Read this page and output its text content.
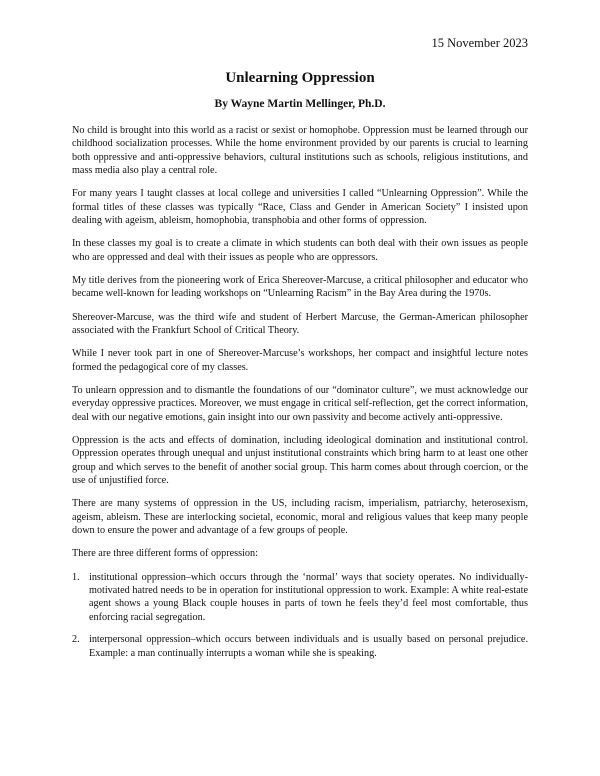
15 November 2023
Unlearning Oppression
By Wayne Martin Mellinger, Ph.D.

No child is brought into this world as a racist or sexist or homophobe. Oppression must be learned through our childhood socialization processes. While the home environment provided by our parents is crucial to learning both oppressive and anti-oppressive behaviors, cultural institutions such as schools, religious institutions, and mass media also play a central role.

For many years I taught classes at local college and universities I called “Unlearning Oppression”. While the formal titles of these classes was typically “Race, Class and Gender in American Society” I insisted upon dealing with ageism, ableism, homophobia, transphobia and other forms of oppression.

In these classes my goal is to create a climate in which students can both deal with their own issues as people who are oppressed and deal with their issues as people who are oppressors.

My title derives from the pioneering work of Erica Shereover-Marcuse, a critical philosopher and educator who became well-known for leading workshops on “Unlearning Racism” in the Bay Area during the 1970s.

Shereover-Marcuse, was the third wife and student of Herbert Marcuse, the German-American philosopher associated with the Frankfurt School of Critical Theory.

While I never took part in one of Shereover-Marcuse’s workshops, her compact and insightful lecture notes formed the pedagogical core of my classes.

To unlearn oppression and to dismantle the foundations of our “dominator culture”, we must acknowledge our everyday oppressive practices. Moreover, we must engage in critical self-reflection, get the correct information, deal with our negative emotions, gain insight into our own passivity and become actively anti-oppressive.

Oppression is the acts and effects of domination, including ideological domination and institutional control. Oppression operates through unequal and unjust institutional constraints which bring harm to at least one other group and which serves to the benefit of another social group. This harm comes about through coercion, or the use of unjustified force.

There are many systems of oppression in the US, including racism, imperialism, patriarchy, heterosexism, ageism, ableism. These are interlocking societal, economic, moral and religious values that keep many people down to ensure the power and advantage of a few groups of people.

There are three different forms of oppression:

1. institutional oppression–which occurs through the ‘normal’ ways that society operates. No individually-motivated hatred needs to be in operation for institutional oppression to work. Example: A white real-estate agent shows a young Black couple houses in parts of town he feels they’d feel most comfortable, thus enforcing racial segregation.
2. interpersonal oppression–which occurs between individuals and is usually based on personal prejudice. Example: a man continually interrupts a woman while she is speaking.
